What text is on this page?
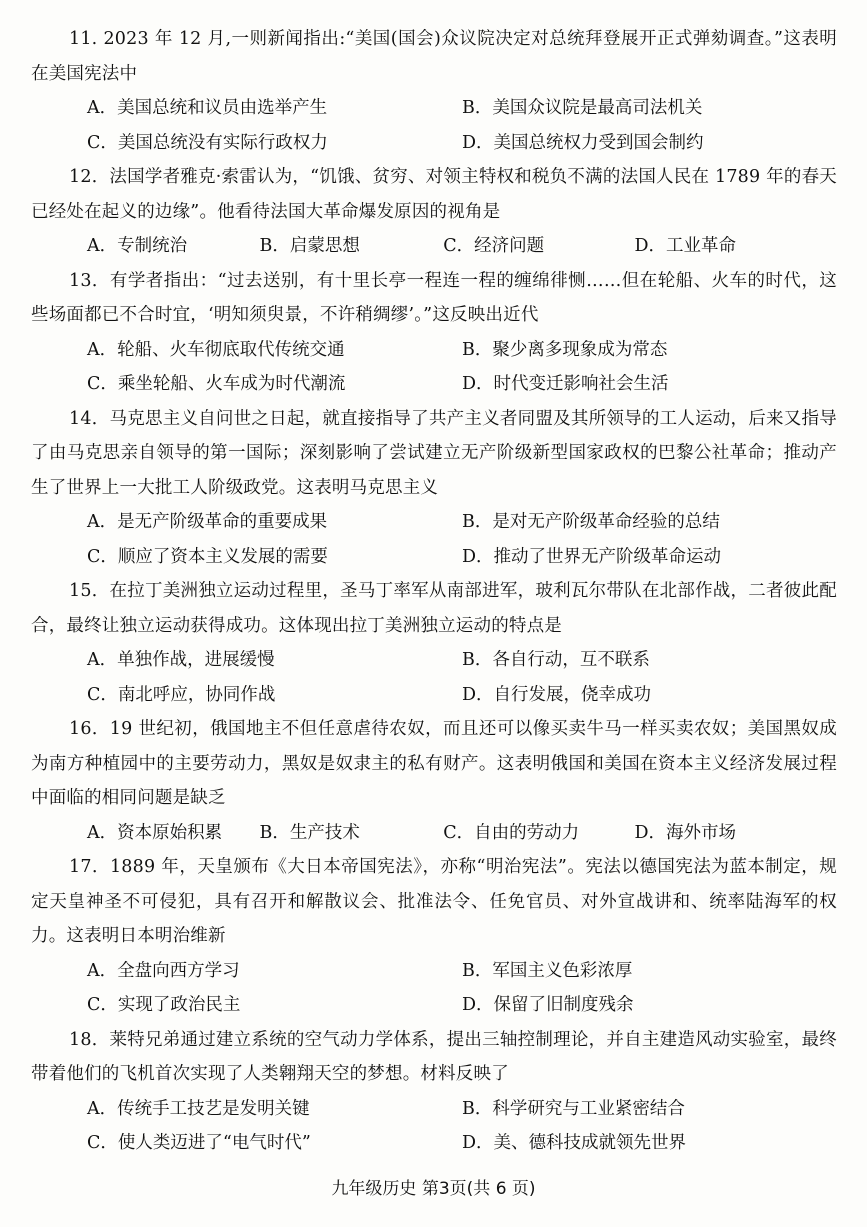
11. 2023 年 12 月,一则新闻指出:“美国(国会)众议院决定对总统拜登展开正式弹劾调查。”这表明在美国宪法中

A．美国总统和议员由选举产生	B．美国众议院是最高司法机关
C．美国总统没有实际行政权力	D．美国总统权力受到国会制约

12．法国学者雅克·索雷认为，“饥饿、贫穷、对领主特权和税负不满的法国人民在 1789 年的春天已经处在起义的边缘”。他看待法国大革命爆发原因的视角是

A．专制统治	B．启蒙思想	C．经济问题	D．工业革命

13．有学者指出：“过去送别，有十里长亭一程连一程的缠绵徘恻……但在轮船、火车的时代，这些场面都已不合时宜，‘明知须臾景，不许稍绸缪’。”这反映出近代

A．轮船、火车彻底取代传统交通	B．聚少离多现象成为常态
C．乘坐轮船、火车成为时代潮流	D．时代变迁影响社会生活

14．马克思主义自问世之日起，就直接指导了共产主义者同盟及其所领导的工人运动，后来又指导了由马克思亲自领导的第一国际；深刻影响了尝试建立无产阶级新型国家政权的巴黎公社革命；推动产生了世界上一大批工人阶级政党。这表明马克思主义

A．是无产阶级革命的重要成果	B．是对无产阶级革命经验的总结
C．顺应了资本主义发展的需要	D．推动了世界无产阶级革命运动

15．在拉丁美洲独立运动过程里，圣马丁率军从南部进军，玻利瓦尔带队在北部作战，二者彼此配合，最终让独立运动获得成功。这体现出拉丁美洲独立运动的特点是

A．单独作战，进展缓慢	B．各自行动，互不联系
C．南北呼应，协同作战	D．自行发展，侥幸成功

16．19 世纪初，俄国地主不但任意虐待农奴，而且还可以像买卖牛马一样买卖农奴；美国黑奴成为南方种植园中的主要劳动力，黑奴是奴隶主的私有财产。这表明俄国和美国在资本主义经济发展过程中面临的相同问题是缺乏

A．资本原始积累	B．生产技术	C．自由的劳动力	D．海外市场

17．1889 年，天皇颁布《大日本帝国宪法》，亦称“明治宪法”。宪法以德国宪法为蓝本制定，规定天皇神圣不可侵犯，具有召开和解散议会、批准法令、任免官员、对外宣战讲和、统率陆海军的权力。这表明日本明治维新

A．全盘向西方学习	B．军国主义色彩浓厚
C．实现了政治民主	D．保留了旧制度残余

18．莱特兄弟通过建立系统的空气动力学体系，提出三轴控制理论，并自主建造风动实验室，最终带着他们的飞机首次实现了人类翱翔天空的梦想。材料反映了

A．传统手工技艺是发明关键	B．科学研究与工业紧密结合
C．使人类迈进了“电气时代”	D．美、德科技成就领先世界
九年级历史 第3页(共 6 页)
